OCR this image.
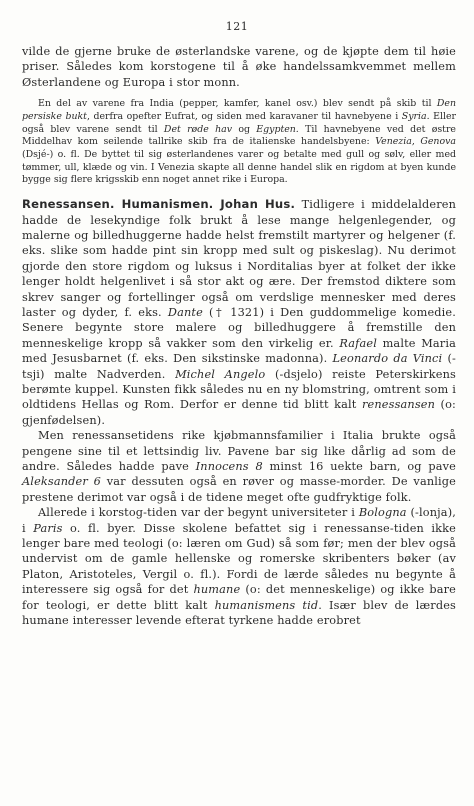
121

vilde de gjerne bruke de østerlandske varene, og de kjøpte dem til høie priser. Således kom korstogene til å øke handelssamkvemmet mellem Østerlandene og Europa i stor monn.

En del av varene fra India (pepper, kamfer, kanel osv.) blev sendt på skib til Den persiske bukt, derfra opefter Eufrat, og siden med karavaner til havnebyene i Syria. Eller også blev varene sendt til Det røde hav og Egypten. Til havnebyene ved det østre Middelhav kom seilende tallrike skib fra de italienske handelsbyene: Venezia, Genova (Dsjé-) o. fl. De byttet til sig østerlandenes varer og betalte med gull og sølv, eller med tømmer, ull, klæde og vin. I Venezia skapte all denne handel slik en rigdom at byen kunde bygge sig flere krigsskib enn noget annet rike i Europa.

Renessansen. Humanismen. Johan Hus. Tidligere i middelalderen hadde de lesekyndige folk brukt å lese mange helgenlegender, og malerne og billedhuggerne hadde helst fremstilt martyrer og helgener (f. eks. slike som hadde pint sin kropp med sult og piskeslag). Nu derimot gjorde den store rigdom og luksus i Norditalias byer at folket der ikke lenger holdt helgenlivet i så stor akt og ære. Der fremstod diktere som skrev sanger og fortellinger også om verdslige mennesker med deres laster og dyder, f. eks. Dante († 1321) i Den guddommelige komedie. Senere begynte store malere og billedhuggere å fremstille den menneskelige kropp så vakker som den virkelig er. Rafael malte Maria med Jesusbarnet (f. eks. Den sikstinske madonna). Leonardo da Vinci (-tsji) malte Nadverden. Michel Angelo (-dsjelo) reiste Peterskirkens berømte kuppel. Kunsten fikk således nu en ny blomstring, omtrent som i oldtidens Hellas og Rom. Derfor er denne tid blitt kalt renessansen (o: gjenfødelsen).

Men renessansetidens rike kjøbmannsfamilier i Italia brukte også pengene sine til et lettsindig liv. Pavene bar sig like dårlig ad som de andre. Således hadde pave Innocens 8 minst 16 uekte barn, og pave Aleksander 6 var dessuten også en røver og masse-morder. De vanlige prestene derimot var også i de tidene meget ofte gudfryktige folk.

Allerede i korstog-tiden var der begynt universiteter i Bologna (-lonja), i Paris o. fl. byer. Disse skolene befattet sig i renessanse-tiden ikke lenger bare med teologi (o: læren om Gud) så som før; men der blev også undervist om de gamle hellenske og romerske skribenters bøker (av Platon, Aristoteles, Vergil o. fl.). Fordi de lærde således nu begynte å interessere sig også for det humane (o: det menneskelige) og ikke bare for teologi, er dette blitt kalt humanismens tid. Især blev de lærdes humane interesser levende efterat tyrkene hadde erobret
